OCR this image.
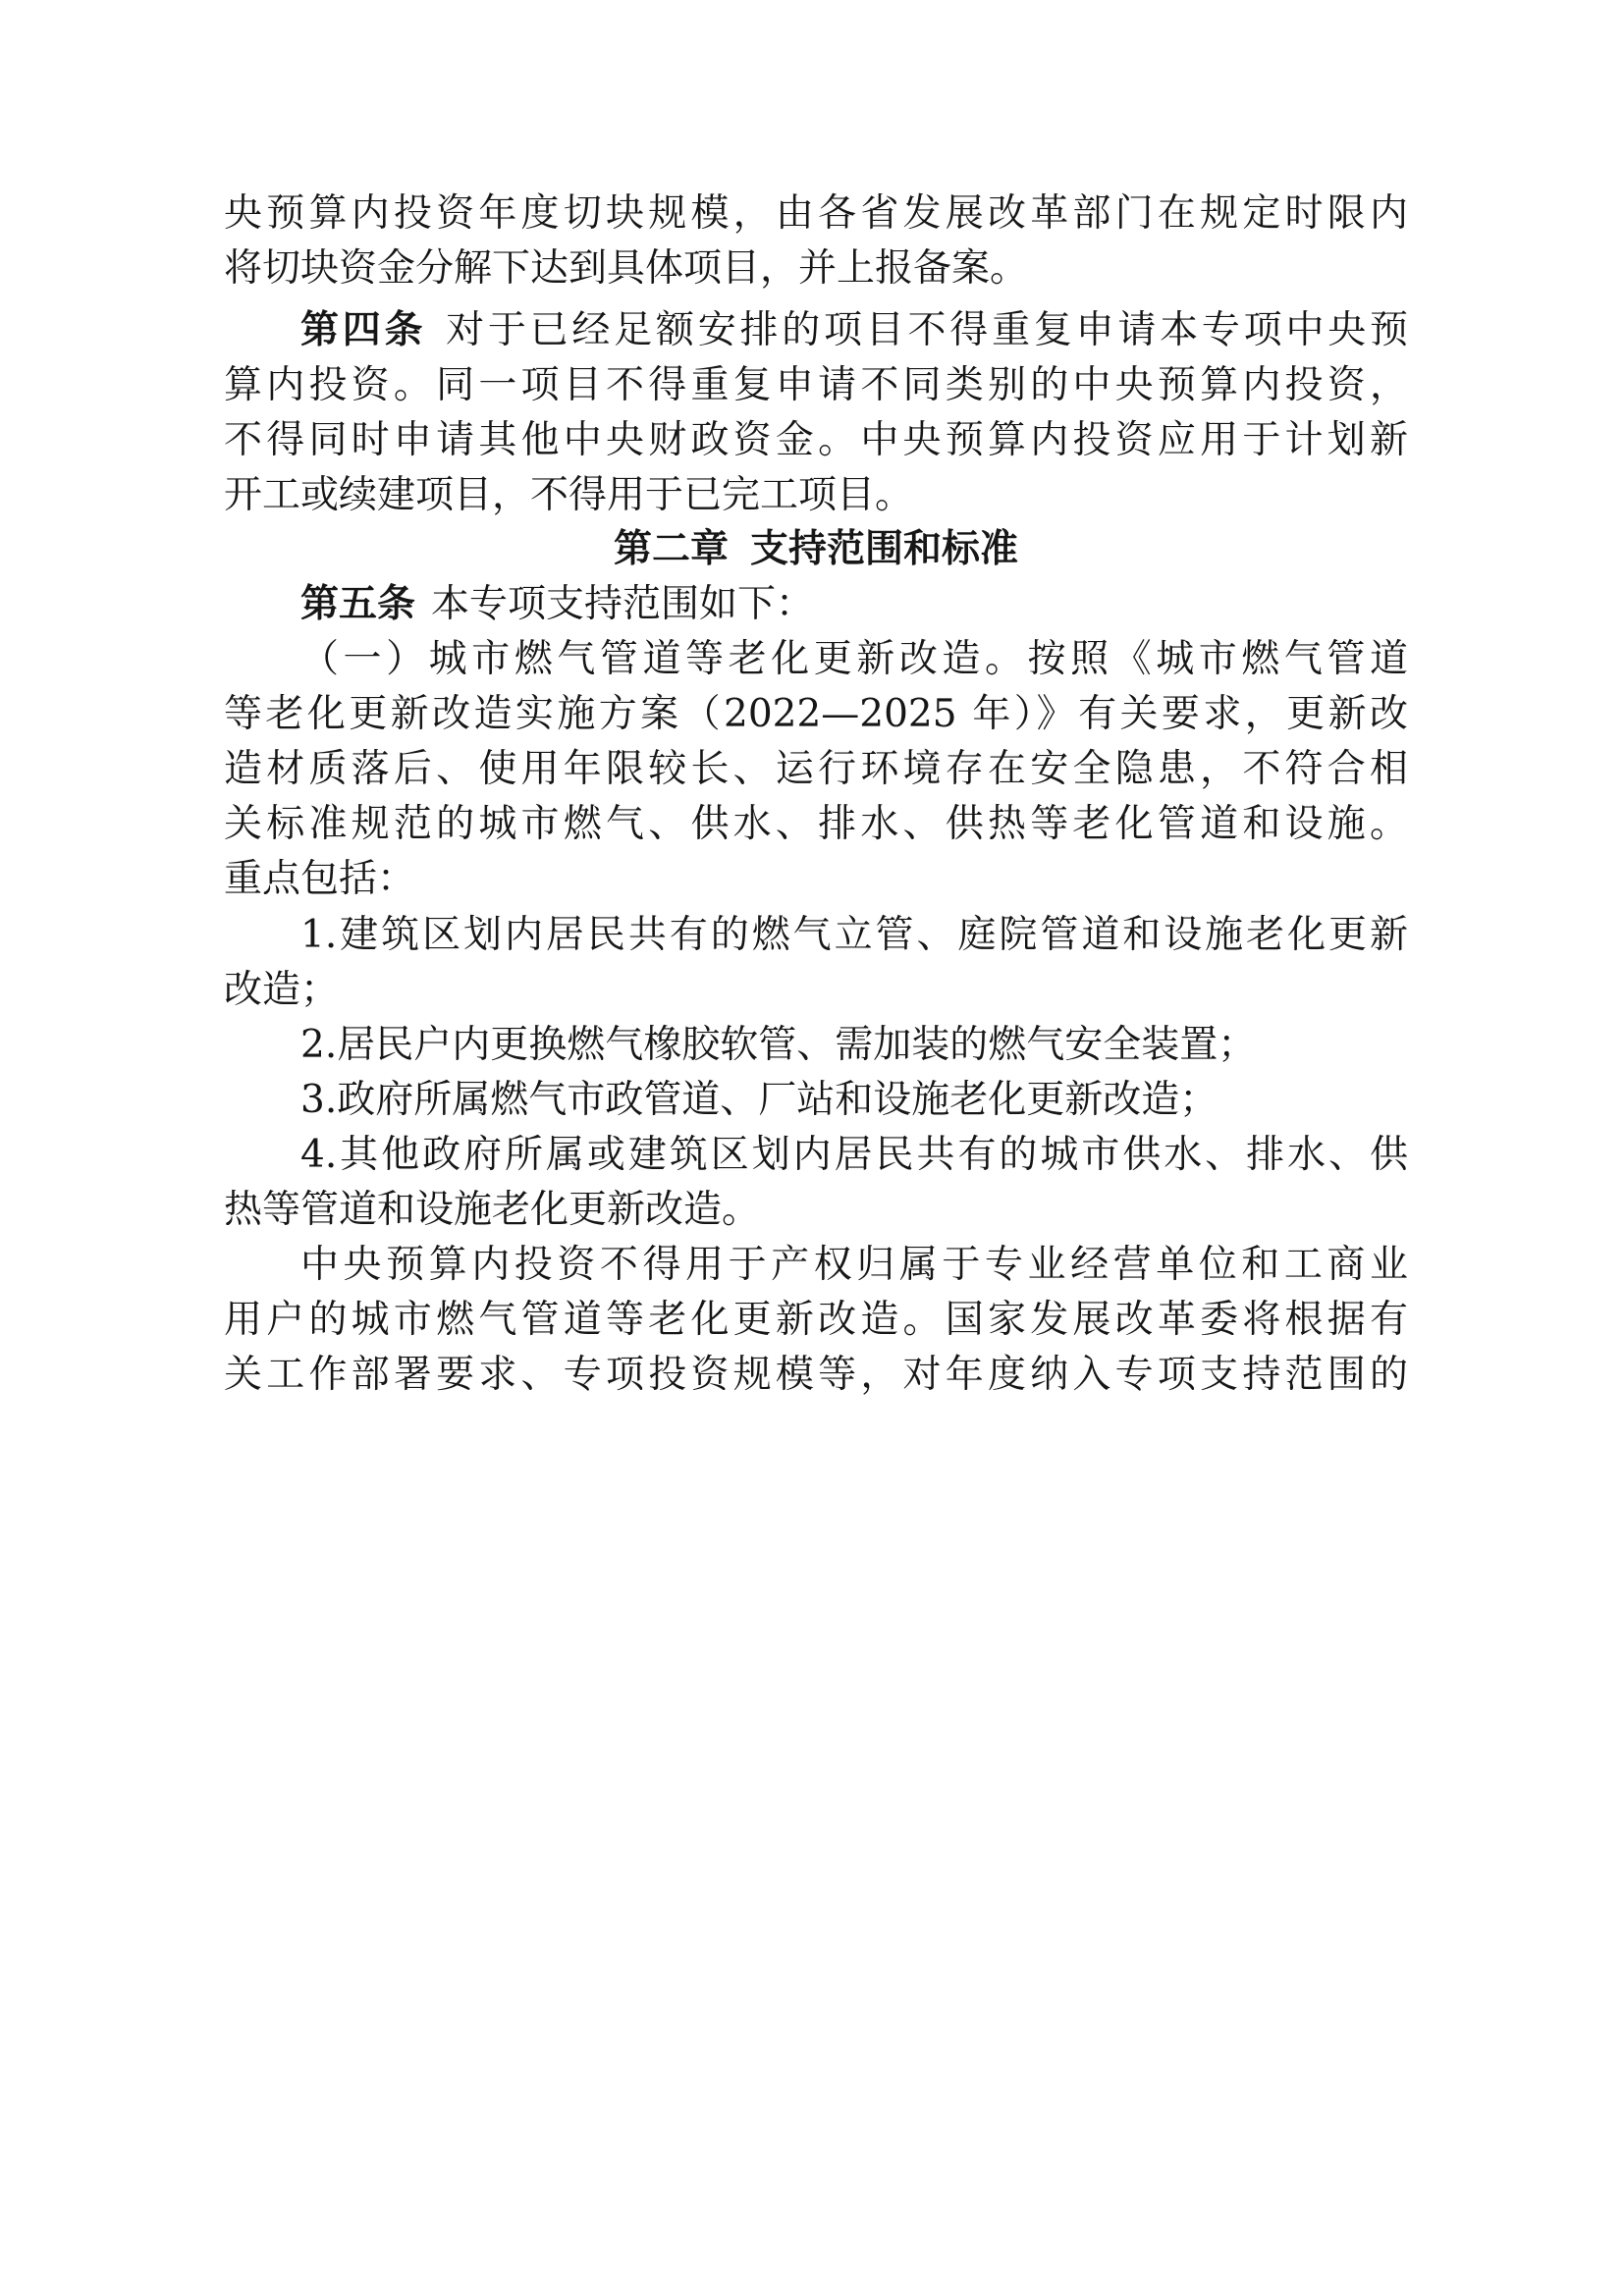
央预算内投资年度切块规模，由各省发展改革部门在规定时限内
将切块资金分解下达到具体项目，并上报备案。
第四条 对于已经足额安排的项目不得重复申请本专项中央预
算内投资。同一项目不得重复申请不同类别的中央预算内投资，
不得同时申请其他中央财政资金。中央预算内投资应用于计划新
开工或续建项目，不得用于已完工项目。
第二章 支持范围和标准
第五条 本专项支持范围如下：
（一）城市燃气管道等老化更新改造。按照《城市燃气管道
等老化更新改造实施方案（2022—2025 年）》有关要求，更新改
造材质落后、使用年限较长、运行环境存在安全隐患，不符合相
关标准规范的城市燃气、供水、排水、供热等老化管道和设施。
重点包括：
1.建筑区划内居民共有的燃气立管、庭院管道和设施老化更新
改造；
2.居民户内更换燃气橡胶软管、需加装的燃气安全装置；
3.政府所属燃气市政管道、厂站和设施老化更新改造；
4.其他政府所属或建筑区划内居民共有的城市供水、排水、供
热等管道和设施老化更新改造。
中央预算内投资不得用于产权归属于专业经营单位和工商业
用户的城市燃气管道等老化更新改造。国家发展改革委将根据有
关工作部署要求、专项投资规模等，对年度纳入专项支持范围的
